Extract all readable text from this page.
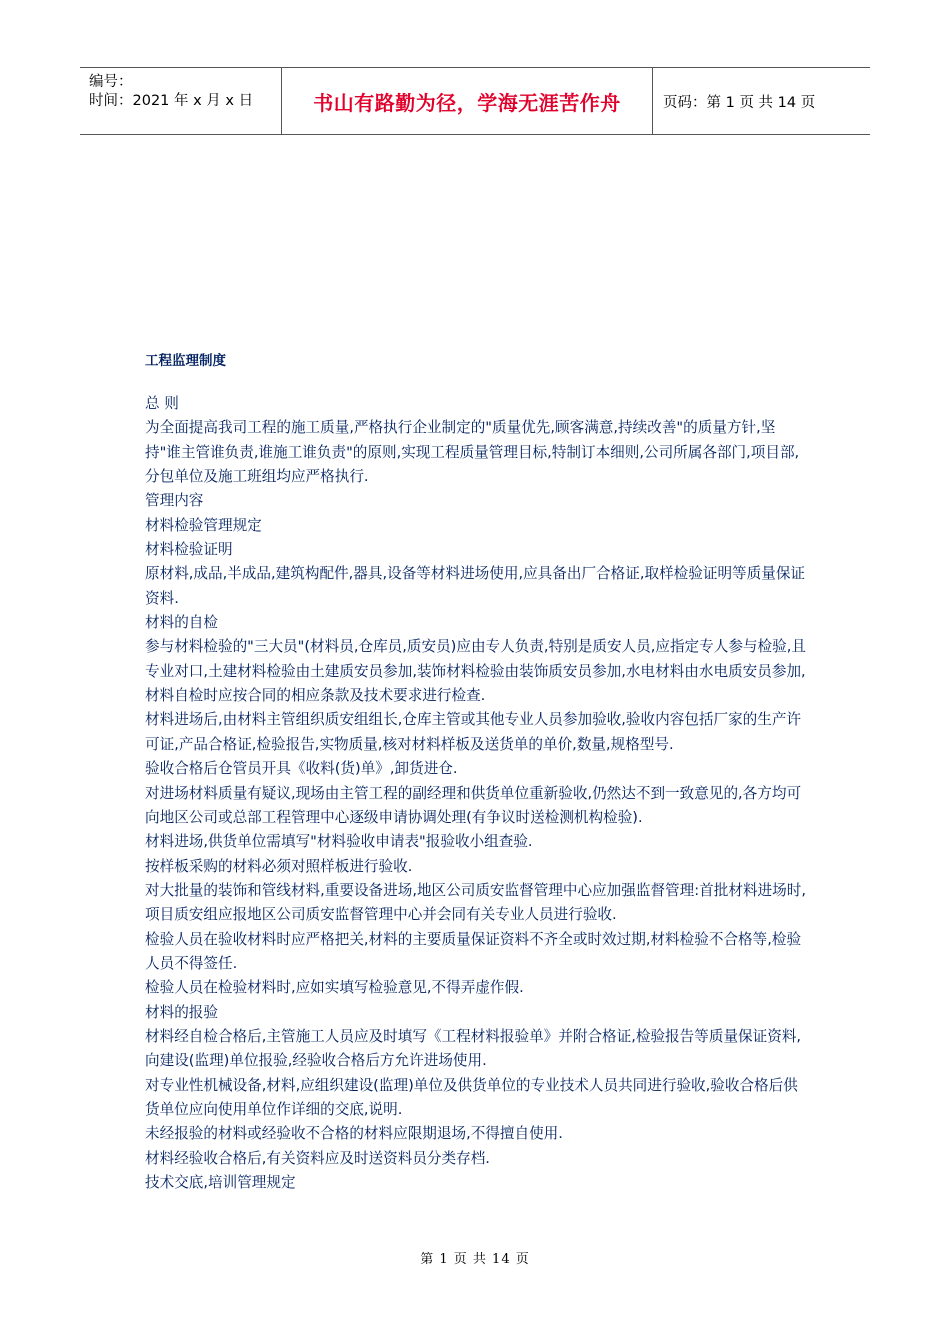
编号：
时间：2021 年 x 月 x 日	书山有路勤为径，学海无涯苦作舟	页码：第 1 页 共 14 页
工程监理制度

总 则

为全面提高我司工程的施工质量,严格执行企业制定的"质量优先,顾客满意,持续改善"的质量方针,坚持"谁主管谁负责,谁施工谁负责"的原则,实现工程质量管理目标,特制订本细则,公司所属各部门,项目部,分包单位及施工班组均应严格执行.

管理内容

材料检验管理规定

材料检验证明

原材料,成品,半成品,建筑构配件,器具,设备等材料进场使用,应具备出厂合格证,取样检验证明等质量保证资料.

材料的自检

参与材料检验的"三大员"(材料员,仓库员,质安员)应由专人负责,特别是质安人员,应指定专人参与检验,且专业对口,土建材料检验由土建质安员参加,装饰材料检验由装饰质安员参加,水电材料由水电质安员参加, 材料自检时应按合同的相应条款及技术要求进行检查.

材料进场后,由材料主管组织质安组组长,仓库主管或其他专业人员参加验收,验收内容包括厂家的生产许可证,产品合格证,检验报告,实物质量,核对材料样板及送货单的单价,数量,规格型号.

验收合格后仓管员开具《收料(货)单》,卸货进仓.

对进场材料质量有疑议,现场由主管工程的副经理和供货单位重新验收,仍然达不到一致意见的,各方均可向地区公司或总部工程管理中心逐级申请协调处理(有争议时送检测机构检验).

材料进场,供货单位需填写"材料验收申请表"报验收小组查验.

按样板采购的材料必须对照样板进行验收.

对大批量的装饰和管线材料,重要设备进场,地区公司质安监督管理中心应加强监督管理:首批材料进场时,项目质安组应报地区公司质安监督管理中心并会同有关专业人员进行验收.

检验人员在验收材料时应严格把关,材料的主要质量保证资料不齐全或时效过期,材料检验不合格等,检验人员不得签任.

检验人员在检验材料时,应如实填写检验意见,不得弄虚作假.

材料的报验

材料经自检合格后,主管施工人员应及时填写《工程材料报验单》并附合格证,检验报告等质量保证资料,向建设(监理)单位报验,经验收合格后方允许进场使用.

对专业性机械设备,材料,应组织建设(监理)单位及供货单位的专业技术人员共同进行验收,验收合格后供货单位应向使用单位作详细的交底,说明.

未经报验的材料或经验收不合格的材料应限期退场,不得擅自使用.

材料经验收合格后,有关资料应及时送资料员分类存档.

技术交底,培训管理规定

第 1 页 共 14 页
